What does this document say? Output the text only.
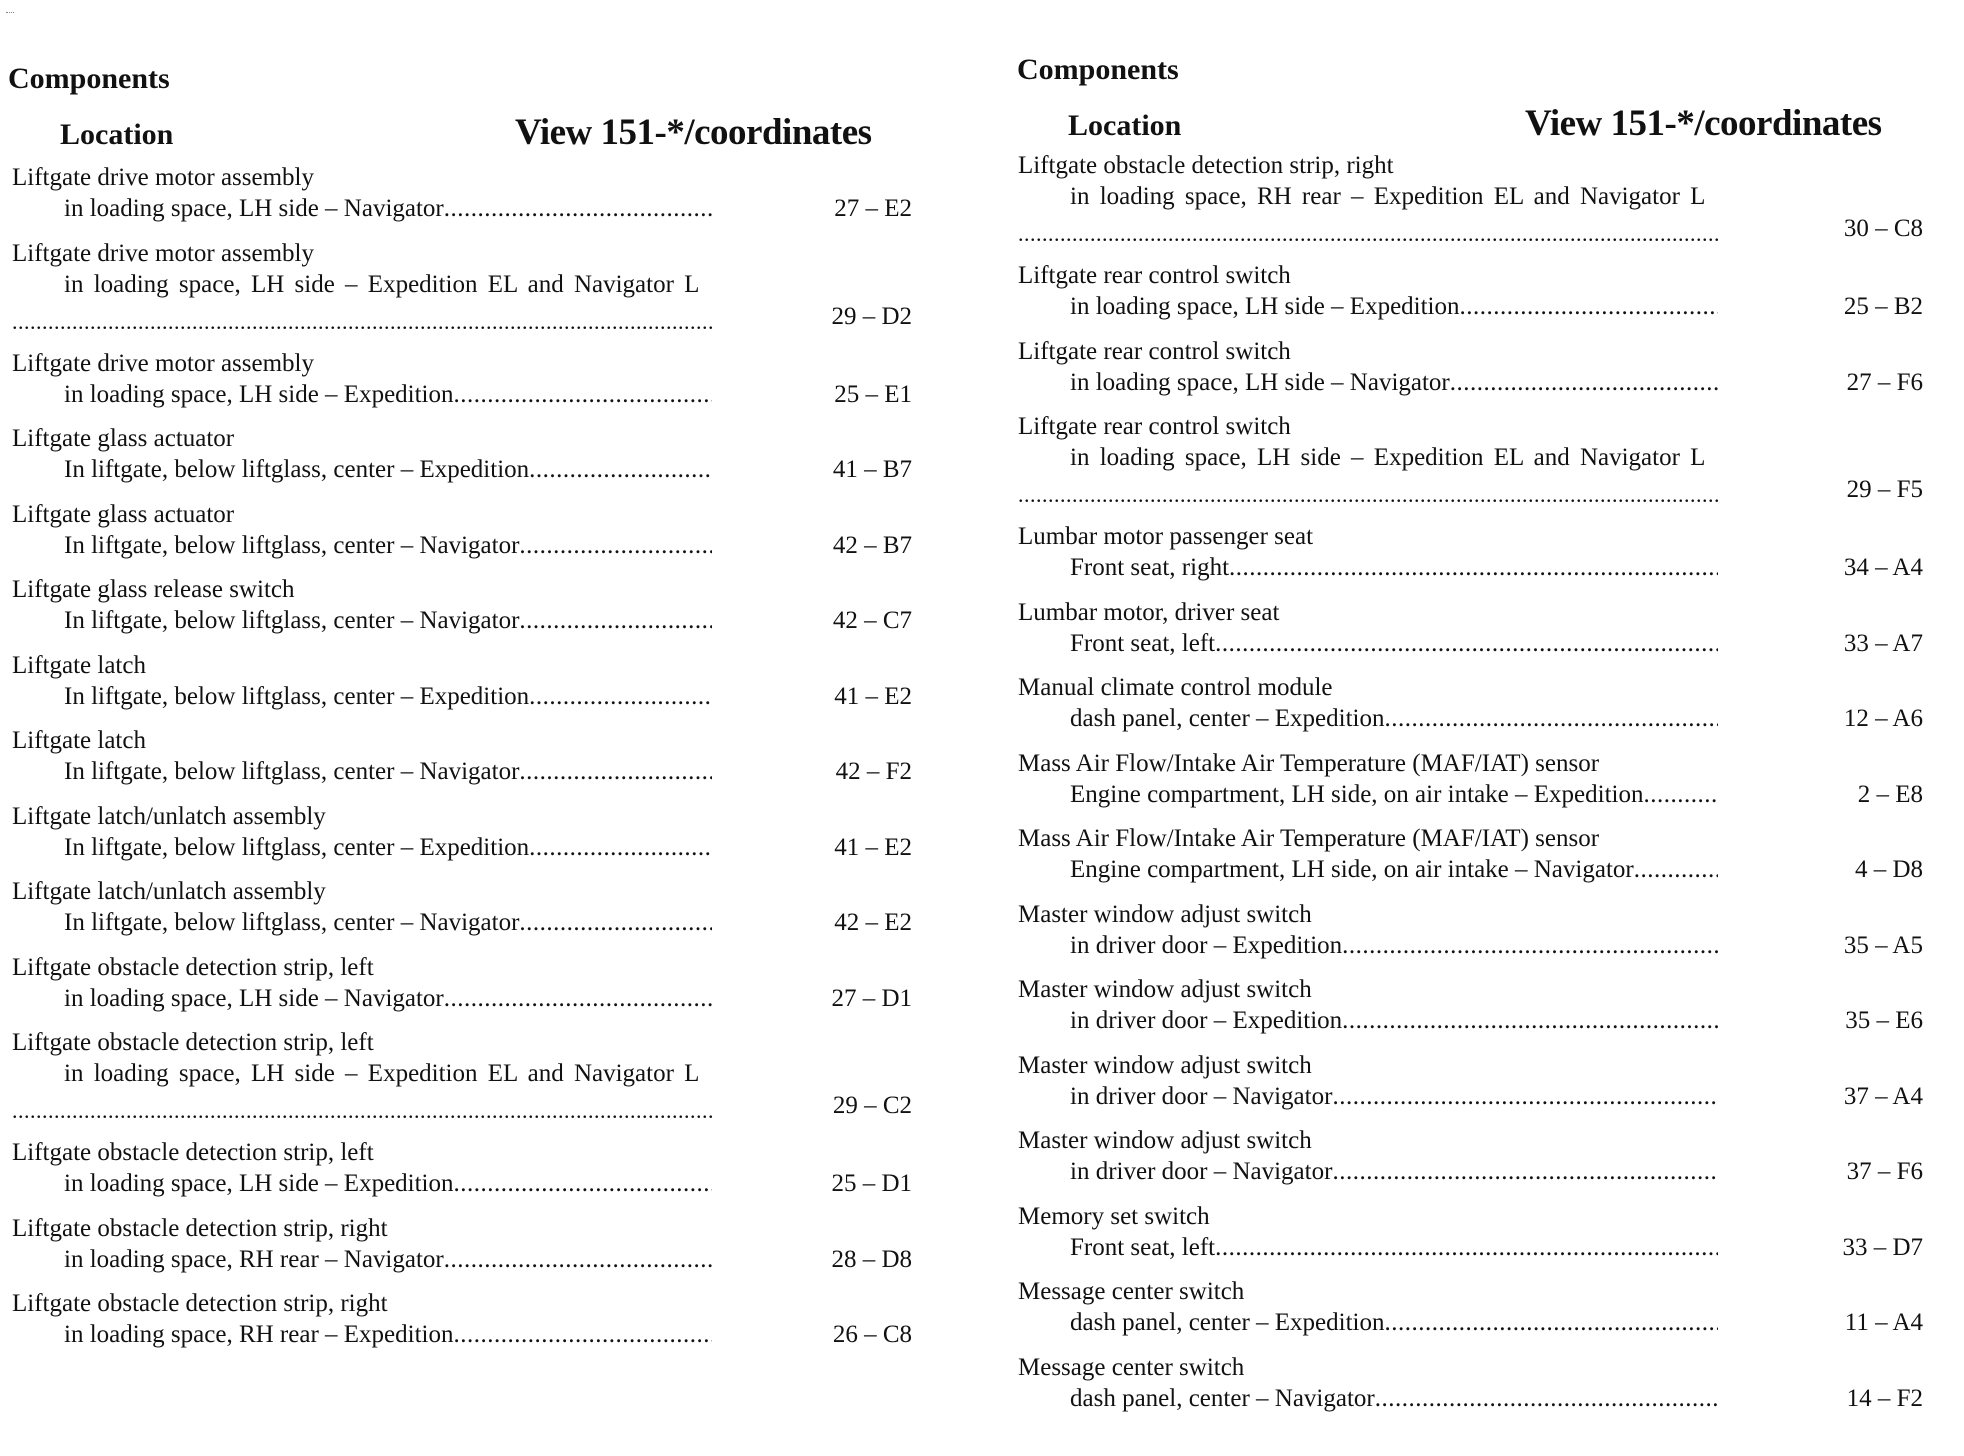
Components
Location	View 151-*/coordinates
Liftgate drive motor assembly
in loading space, LH side – Navigator .....	27 – E2
Liftgate drive motor assembly
in loading space, LH side – Expedition EL and Navigator L
.....
29 – D2
Liftgate drive motor assembly
in loading space, LH side – Expedition .....	25 – E1
Liftgate glass actuator
In liftgate, below liftglass, center – Expedition .....	41 – B7
Liftgate glass actuator
In liftgate, below liftglass, center – Navigator .....	42 – B7
Liftgate glass release switch
In liftgate, below liftglass, center – Navigator .....	42 – C7
Liftgate latch
In liftgate, below liftglass, center – Expedition .....	41 – E2
Liftgate latch
In liftgate, below liftglass, center – Navigator .....	42 – F2
Liftgate latch/unlatch assembly
In liftgate, below liftglass, center – Expedition .....	41 – E2
Liftgate latch/unlatch assembly
In liftgate, below liftglass, center – Navigator .....	42 – E2
Liftgate obstacle detection strip, left
in loading space, LH side – Navigator .....	27 – D1
Liftgate obstacle detection strip, left
in loading space, LH side – Expedition EL and Navigator L
.....
29 – C2
Liftgate obstacle detection strip, left
in loading space, LH side – Expedition .....	25 – D1
Liftgate obstacle detection strip, right
in loading space, RH rear – Navigator .....	28 – D8
Liftgate obstacle detection strip, right
in loading space, RH rear – Expedition .....	26 – C8
Components
Location	View 151-*/coordinates
Liftgate obstacle detection strip, right
in loading space, RH rear – Expedition EL and Navigator L
.....
30 – C8
Liftgate rear control switch
in loading space, LH side – Expedition .....	25 – B2
Liftgate rear control switch
in loading space, LH side – Navigator .....	27 – F6
Liftgate rear control switch
in loading space, LH side – Expedition EL and Navigator L
.....
29 – F5
Lumbar motor passenger seat
Front seat, right .....	34 – A4
Lumbar motor, driver seat
Front seat, left .....	33 – A7
Manual climate control module
dash panel, center – Expedition .....	12 – A6
Mass Air Flow/Intake Air Temperature (MAF/IAT) sensor
Engine compartment, LH side, on air intake – Expedition .....	2 – E8
Mass Air Flow/Intake Air Temperature (MAF/IAT) sensor
Engine compartment, LH side, on air intake – Navigator .....	4 – D8
Master window adjust switch
in driver door – Expedition .....	35 – A5
Master window adjust switch
in driver door – Expedition .....	35 – E6
Master window adjust switch
in driver door – Navigator .....	37 – A4
Master window adjust switch
in driver door – Navigator .....	37 – F6
Memory set switch
Front seat, left .....	33 – D7
Message center switch
dash panel, center – Expedition .....	11 – A4
Message center switch
dash panel, center – Navigator .....	14 – F2
